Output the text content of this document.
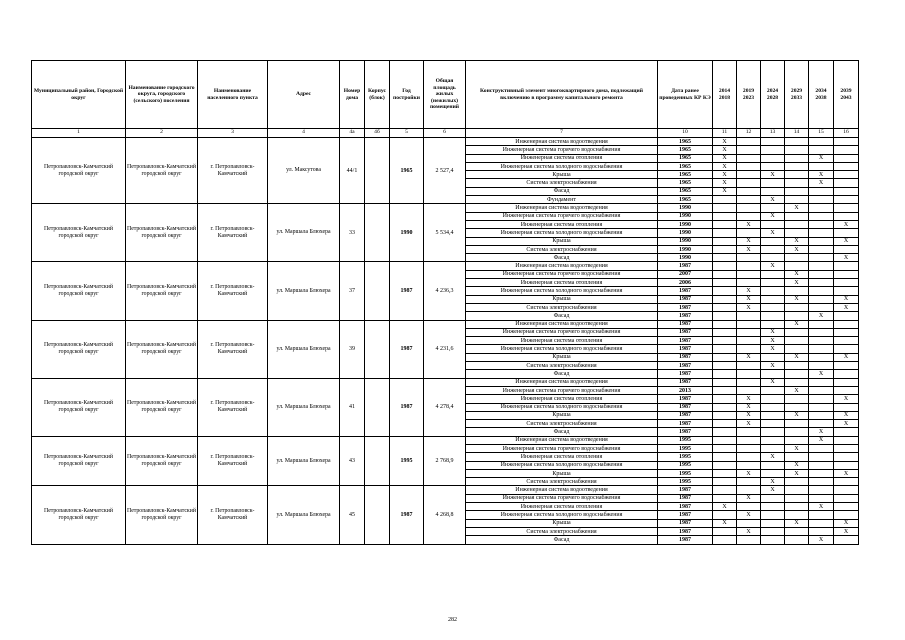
Муниципальный район, Городской округ	Наименование городского округа, городского (сельского) поселения	Наименование населенного пункта	Адрес	Номер дома	Корпус (блок)	Год постройки	Общая площадь жилых (нежилых) помещений	Конструктивный элемент многоквартирного дома, подлежащий включению в программу капитального ремонта	Дата ранее проведенных КР КЭ	2014 2018	2019 2023	2024 2028	2029 2033	2034 2038	2039 2043
1	2	3	4	4а	4б	5	6	7	10	11	12	13	14	15	16
Петропавловск-Камчатский городской округ	Петропавловск-Камчатский городской округ	г. Петропавловск-Камчатский	ул. Максутова	44/1		1965	2 527,4	Инженерная система водоотведения	1965	X					
								Инженерная система горячего водоснабжения	1965	X					
								Инженерная система отопления	1965	X				X	
								Инженерная система холодного водоснабжения	1965	X					
								Крыша	1965	X		X		X	
								Система электроснабжения	1965	X				X	
								Фасад	1965	X					
								Фундамент	1965			X			
Петропавловск-Камчатский городской округ	Петропавловск-Камчатский городской округ	г. Петропавловск-Камчатский	ул. Маршала Блюхера	33		1990	5 534,4	Инженерная система водоотведения	1990				X		
								Инженерная система горячего водоснабжения	1990			X			
								Инженерная система отопления	1990		X				X
								Инженерная система холодного водоснабжения	1990			X			
								Крыша	1990		X		X		X
								Система электроснабжения	1990		X		X		
								Фасад	1990						X
Петропавловск-Камчатский городской округ	Петропавловск-Камчатский городской округ	г. Петропавловск-Камчатский	ул. Маршала Блюхера	37		1987	4 236,3	Инженерная система водоотведения	1987			X			
								Инженерная система горячего водоснабжения	2007				X		
								Инженерная система отопления	2006				X		
								Инженерная система холодного водоснабжения	1987		X				
								Крыша	1987		X		X		X
								Система электроснабжения	1987		X				X
								Фасад	1987					X	
Петропавловск-Камчатский городской округ	Петропавловск-Камчатский городской округ	г. Петропавловск-Камчатский	ул. Маршала Блюхера	39		1987	4 231,6	Инженерная система водоотведения	1987				X		
								Инженерная система горячего водоснабжения	1987			X			
								Инженерная система отопления	1987			X			
								Инженерная система холодного водоснабжения	1987			X			
								Крыша	1987		X		X		X
								Система электроснабжения	1987			X			
								Фасад	1987					X	
Петропавловск-Камчатский городской округ	Петропавловск-Камчатский городской округ	г. Петропавловск-Камчатский	ул. Маршала Блюхера	41		1987	4 278,4	Инженерная система водоотведения	1987			X			
								Инженерная система горячего водоснабжения	2013				X		
								Инженерная система отопления	1987		X				X
								Инженерная система холодного водоснабжения	1987		X				
								Крыша	1987		X		X		X
								Система электроснабжения	1987		X				X
								Фасад	1987					X	
Петропавловск-Камчатский городской округ	Петропавловск-Камчатский городской округ	г. Петропавловск-Камчатский	ул. Маршала Блюхера	43		1995	2 768,9	Инженерная система водоотведения	1995					X	
								Инженерная система горячего водоснабжения	1995				X		
								Инженерная система отопления	1995			X			
								Инженерная система холодного водоснабжения	1995				X		
								Крыша	1995		X		X		X
								Система электроснабжения	1995			X			
Петропавловск-Камчатский городской округ	Петропавловск-Камчатский городской округ	г. Петропавловск-Камчатский	ул. Маршала Блюхера	45		1987	4 268,8	Инженерная система водоотведения	1987			X			
								Инженерная система горячего водоснабжения	1987		X				
								Инженерная система отопления	1987	X				X	
								Инженерная система холодного водоснабжения	1987		X				
								Крыша	1987	X			X		X
								Система электроснабжения	1987		X				X
								Фасад	1987					X	
282
